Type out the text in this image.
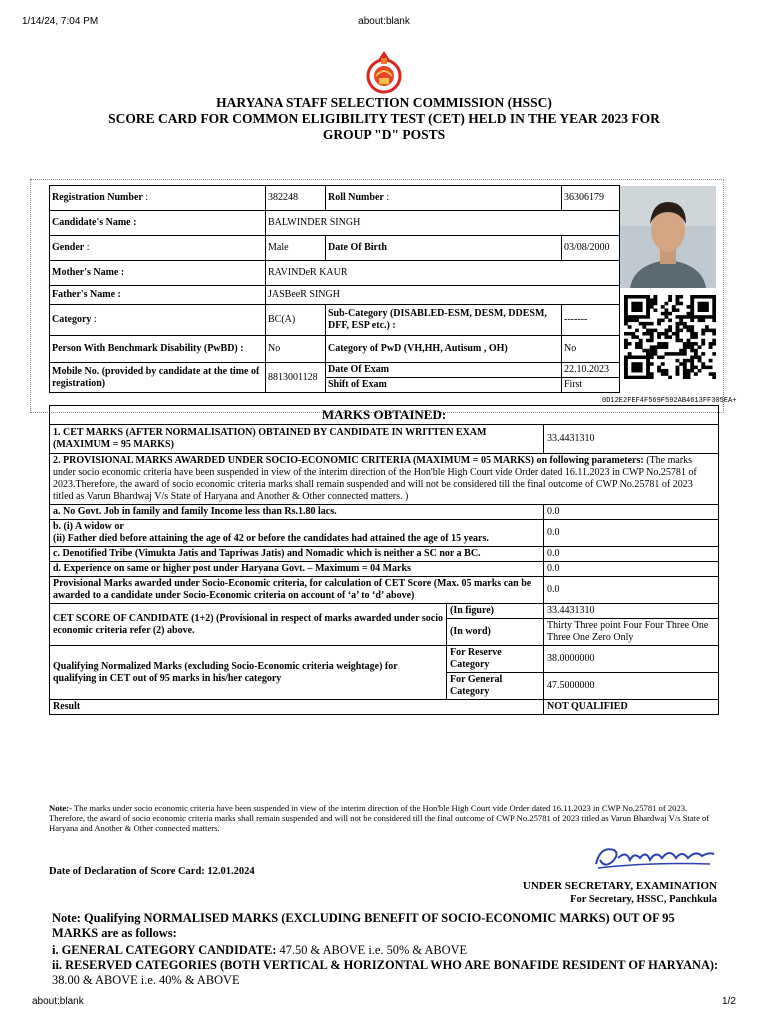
1/14/24, 7:04 PM	about:blank
about:blank	1/2
HARYANA STAFF SELECTION COMMISSION (HSSC)
SCORE CARD FOR COMMON ELIGIBILITY TEST (CET) HELD IN THE YEAR 2023 FOR
GROUP "D" POSTS
Registration Number :	382248	Roll Number :	36306179
Candidate's Name :	BALWINDER SINGH		
Gender :	Male	Date Of Birth	03/08/2000
Mother's Name :	RAVINDeR KAUR		
Father's Name :	JASBeeR SINGH		
Category :	BC(A)	Sub-Category (DISABLED-ESM, DESM, DDESM, DFF, ESP etc.) :	-------
Person With Benchmark Disability (PwBD) :	No	Category of PwD (VH,HH, Autisum , OH)	No
Mobile No. (provided by candidate at the time of registration)	8813001128	Date Of Exam	22.10.2023
		Shift of Exam	First
0D12E2FEF4F569F592AB4613FF305EA+
MARKS OBTAINED:		
1. CET MARKS (AFTER NORMALISATION) OBTAINED BY CANDIDATE IN WRITTEN EXAM (MAXIMUM = 95 MARKS)		33.4431310
2. PROVISIONAL MARKS AWARDED UNDER SOCIO-ECONOMIC CRITERIA (MAXIMUM = 05 MARKS) on following parameters: (The marks under socio economic criteria have been suspended in view of the interim direction of the Hon'ble High Court vide Order dated 16.11.2023 in CWP No.25781 of 2023.Therefore, the award of socio economic criteria marks shall remain suspended and will not be considered till the final outcome of CWP No.25781 of 2023 titled as Varun Bhardwaj V/s State of Haryana and Another & Other connected matters. )		
a. No Govt. Job in family and family Income less than Rs.1.80 lacs.		0.0

b. (i) A widow or
(ii) Father died before attaining the age of 42 or before the candidates had attained the age of 15 years.		0.0

c. Denotified Tribe (Vimukta Jatis and Tapriwas Jatis) and Nomadic which is neither a SC nor a BC.		0.0
d. Experience on same or higher post under Haryana Govt. – Maximum = 04 Marks		0.0
Provisional Marks awarded under Socio-Economic criteria, for calculation of CET Score (Max. 05 marks can be awarded to a candidate under Socio-Economic criteria on account of ‘a’ to ‘d’ above)		0.0
CET SCORE OF CANDIDATE (1+2) (Provisional in respect of marks awarded under socio economic criteria refer (2) above.	(In figure)	33.4431310
	(In word)	Thirty Three point Four Four Three One Three One Zero Only
Qualifying Normalized Marks (excluding Socio-Economic criteria weightage) for qualifying in CET out of 95 marks in his/her category	For Reserve Category	38.0000000
	For General Category	47.5000000
Result		NOT QUALIFIED
Note:- The marks under socio economic criteria have been suspended in view of the interim direction of the Hon'ble High Court vide Order dated 16.11.2023 in CWP No.25781 of 2023. Therefore, the award of socio economic criteria marks shall remain suspended and will not be considered till the final outcome of CWP No.25781 of 2023 titled as Varun Bhardwaj V/s State of Haryana and Another & Other connected matters.
Date of Declaration of Score Card: 12.01.2024
UNDER SECRETARY, EXAMINATION
For Secretary, HSSC, Panchkula
Note: Qualifying NORMALISED MARKS (EXCLUDING BENEFIT OF SOCIO-ECONOMIC MARKS) OUT OF 95 MARKS are as follows:
i. GENERAL CATEGORY CANDIDATE: 47.50 & ABOVE i.e. 50% & ABOVE
ii. RESERVED CATEGORIES (BOTH VERTICAL & HORIZONTAL WHO ARE BONAFIDE RESIDENT OF HARYANA): 38.00 & ABOVE i.e. 40% & ABOVE
